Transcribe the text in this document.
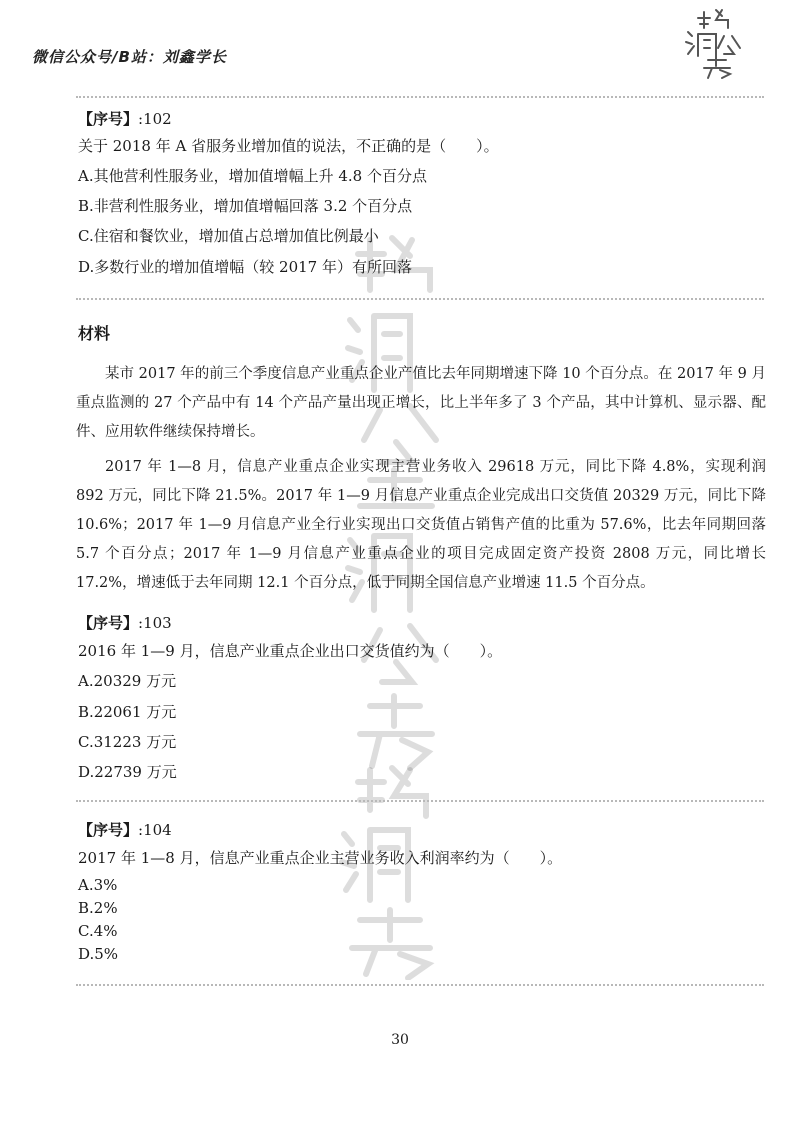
微信公众号/B站：刘鑫学长
【序号】:102
关于 2018 年 A 省服务业增加值的说法，不正确的是（　　）。
A.其他营利性服务业，增加值增幅上升 4.8 个百分点
B.非营利性服务业，增加值增幅回落 3.2 个百分点
C.住宿和餐饮业，增加值占总增加值比例最小
D.多数行业的增加值增幅（较 2017 年）有所回落
材料
某市 2017 年的前三个季度信息产业重点企业产值比去年同期增速下降 10 个百分点。在 2017 年 9 月重点监测的 27 个产品中有 14 个产品产量出现正增长，比上半年多了 3 个产品，其中计算机、显示器、配件、应用软件继续保持增长。
2017 年 1—8 月，信息产业重点企业实现主营业务收入 29618 万元，同比下降 4.8%，实现利润 892 万元，同比下降 21.5%。2017 年 1—9 月信息产业重点企业完成出口交货值 20329 万元，同比下降 10.6%；2017 年 1—9 月信息产业全行业实现出口交货值占销售产值的比重为 57.6%，比去年同期回落 5.7 个百分点；2017 年 1—9 月信息产业重点企业的项目完成固定资产投资 2808 万元，同比增长 17.2%，增速低于去年同期 12.1 个百分点，低于同期全国信息产业增速 11.5 个百分点。
【序号】:103
2016 年 1—9 月，信息产业重点企业出口交货值约为（　　）。
A.20329 万元
B.22061 万元
C.31223 万元
D.22739 万元
【序号】:104
2017 年 1—8 月，信息产业重点企业主营业务收入利润率约为（　　）。
A.3%
B.2%
C.4%
D.5%
30
